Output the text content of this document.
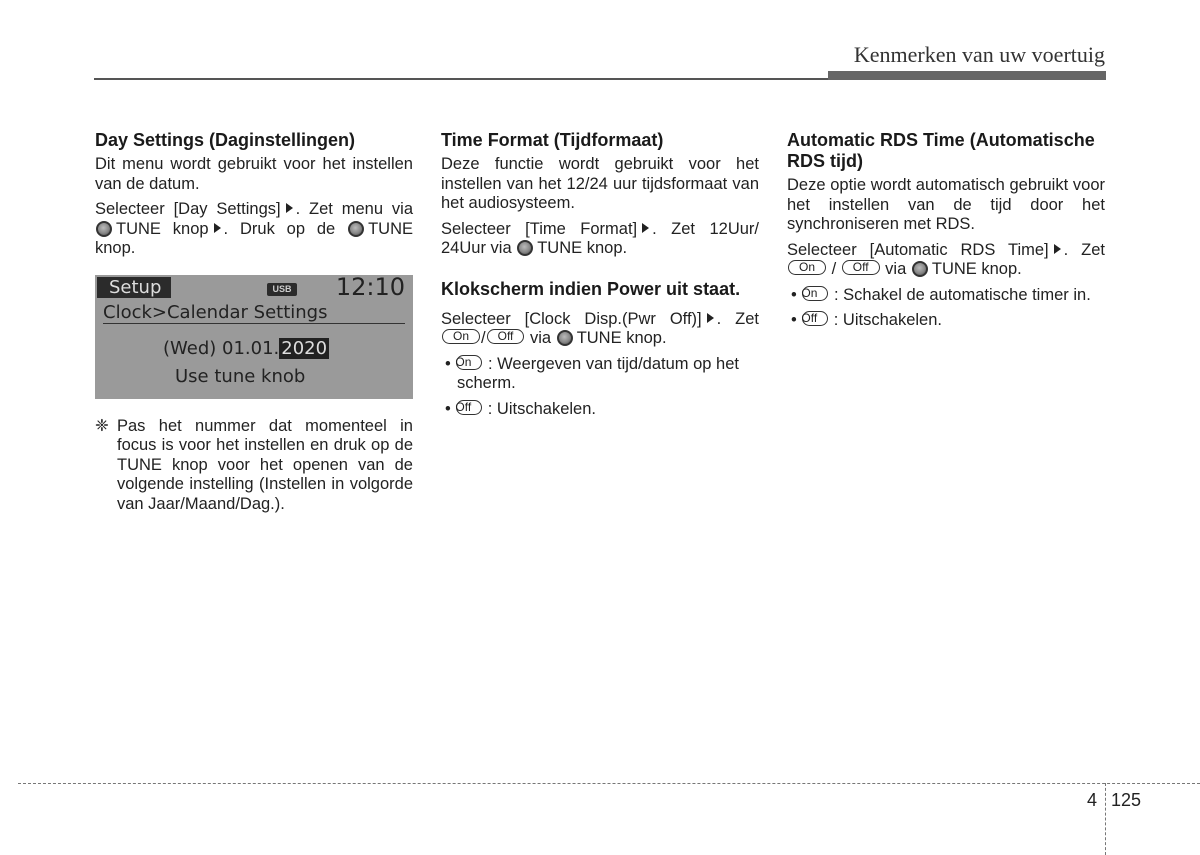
Kenmerken van uw voertuig
Day Settings (Daginstellingen)

Dit menu wordt gebruikt voor het instellen van de datum.

Selecteer [Day Settings] . Zet menu via TUNE knop . Druk op de TUNE knop.

Setup	USB 12:10
Clock>Calendar Settings
(Wed) 01.01. 2020
Use tune knob
❈ Pas het nummer dat momenteel in focus is voor het instellen en druk op de TUNE knop voor het openen van de volgende instelling (Instellen in volgorde van Jaar/Maand/Dag.).
Time Format (Tijdformaat)

Deze functie wordt gebruikt voor het instellen van het 12/24 uur tijdsformaat van het audiosysteem.

Selecteer [Time Format] . Zet 12Uur/ 24Uur via TUNE knop.

Klokscherm indien Power uit staat.

Selecteer [Clock Disp.(Pwr Off)] . Zet On / Off via TUNE knop.

• On : Weergeven van tijd/datum op het scherm.
• Off : Uitschakelen.
Automatic RDS Time (Automatische RDS tijd)

Deze optie wordt automatisch gebruikt voor het instellen van de tijd door het synchroniseren met RDS.

Selecteer [Automatic RDS Time] . Zet On / Off via TUNE knop.

• On : Schakel de automatische timer in.
• Off : Uitschakelen.
4 125
